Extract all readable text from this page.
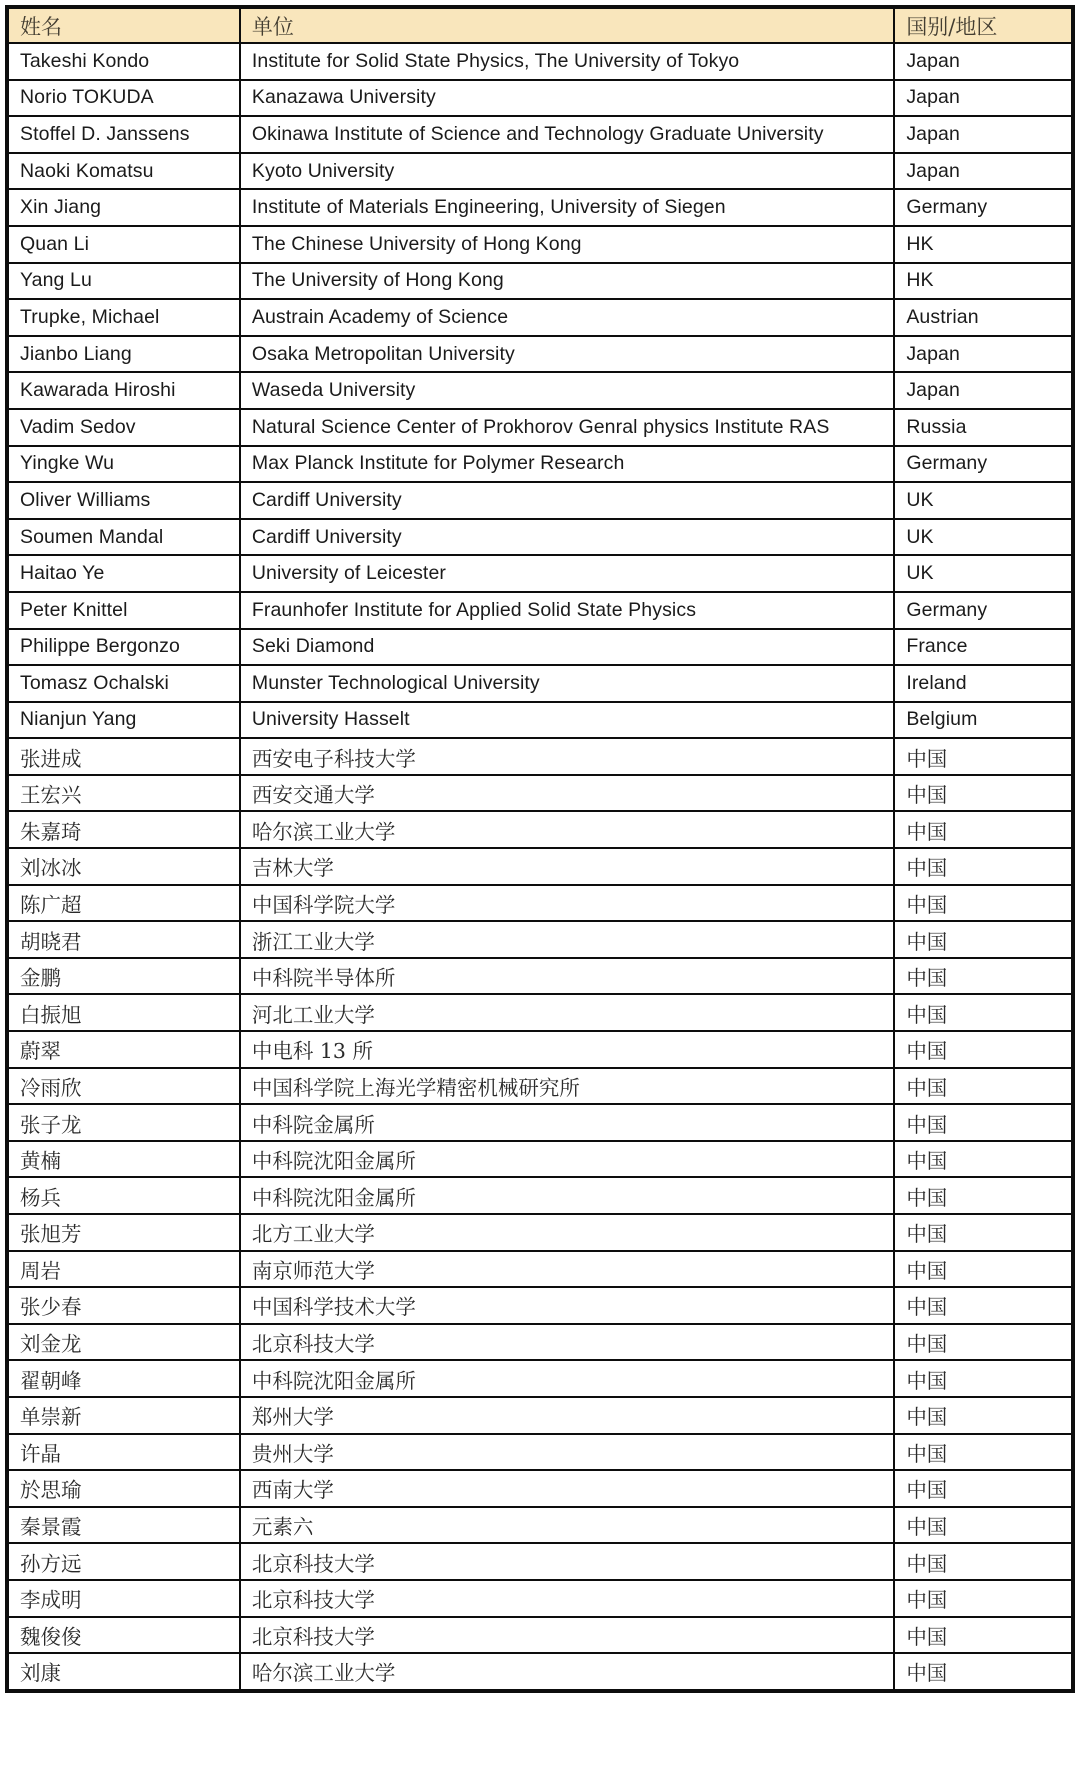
姓名	单位	国别/地区
Takeshi Kondo	Institute for Solid State Physics, The University of Tokyo	Japan
Norio TOKUDA	Kanazawa University	Japan
Stoffel D. Janssens	Okinawa Institute of Science and Technology Graduate University	Japan
Naoki Komatsu	Kyoto University	Japan
Xin Jiang	Institute of Materials Engineering, University of Siegen	Germany
Quan Li	The Chinese University of Hong Kong	HK
Yang Lu	The University of Hong Kong	HK
Trupke, Michael	Austrain Academy of Science	Austrian
Jianbo Liang	Osaka Metropolitan University	Japan
Kawarada Hiroshi	Waseda University	Japan
Vadim Sedov	Natural Science Center of Prokhorov Genral physics Institute RAS	Russia
Yingke Wu	Max Planck Institute for Polymer Research	Germany
Oliver Williams	Cardiff University	UK
Soumen Mandal	Cardiff University	UK
Haitao Ye	University of Leicester	UK
Peter Knittel	Fraunhofer Institute for Applied Solid State Physics	Germany
Philippe Bergonzo	Seki Diamond	France
Tomasz Ochalski	Munster Technological University	Ireland
Nianjun Yang	University Hasselt	Belgium
张进成	西安电子科技大学	中国
王宏兴	西安交通大学	中国
朱嘉琦	哈尔滨工业大学	中国
刘冰冰	吉林大学	中国
陈广超	中国科学院大学	中国
胡晓君	浙江工业大学	中国
金鹏	中科院半导体所	中国
白振旭	河北工业大学	中国
蔚翠	中电科 13 所	中国
冷雨欣	中国科学院上海光学精密机械研究所	中国
张子龙	中科院金属所	中国
黄楠	中科院沈阳金属所	中国
杨兵	中科院沈阳金属所	中国
张旭芳	北方工业大学	中国
周岩	南京师范大学	中国
张少春	中国科学技术大学	中国
刘金龙	北京科技大学	中国
翟朝峰	中科院沈阳金属所	中国
单崇新	郑州大学	中国
许晶	贵州大学	中国
於思瑜	西南大学	中国
秦景霞	元素六	中国
孙方远	北京科技大学	中国
李成明	北京科技大学	中国
魏俊俊	北京科技大学	中国
刘康	哈尔滨工业大学	中国
